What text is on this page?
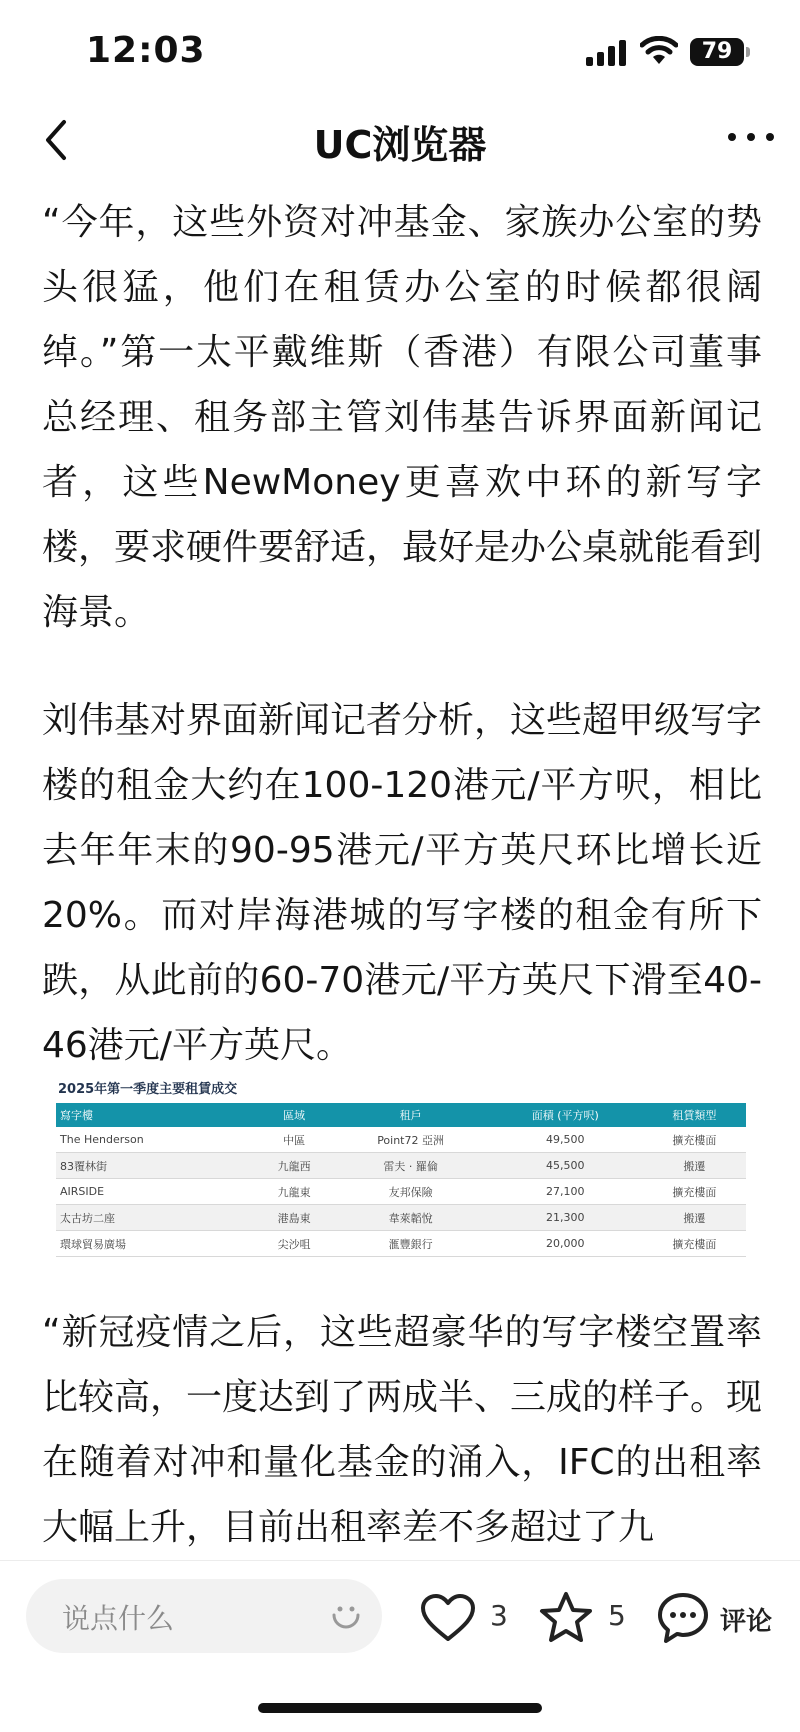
12:03	79
UC浏览器

“今年，这些外资对冲基金、家族办公室的势头很猛，他们在租赁办公室的时候都很阔绰。”第一太平戴维斯（香港）有限公司董事总经理、租务部主管刘伟基告诉界面新闻记者，这些NewMoney更喜欢中环的新写字楼，要求硬件要舒适，最好是办公桌就能看到海景。

刘伟基对界面新闻记者分析，这些超甲级写字楼的租金大约在100-120港元/平方呎，相比去年年末的90-95港元/平方英尺环比增长近20%。而对岸海港城的写字楼的租金有所下跌，从此前的60-70港元/平方英尺下滑至40-46港元/平方英尺。

2025年第一季度主要租賃成交
寫字樓	區域	租戶	面積 (平方呎)	租賃類型
The Henderson	中區	Point72 亞洲	49,500	擴充樓面
83覆林街	九龍西	雷夫 · 羅倫	45,500	搬遷
AIRSIDE	九龍東	友邦保險	27,100	擴充樓面
太古坊二座	港島東	韋萊韜悅	21,300	搬遷
環球貿易廣場	尖沙咀	滙豐銀行	20,000	擴充樓面

“新冠疫情之后，这些超豪华的写字楼空置率比较高，一度达到了两成半、三成的样子。现在随着对冲和量化基金的涌入，IFC的出租率大幅上升，目前出租率差不多超过了九

说点什么	3	5	评论
